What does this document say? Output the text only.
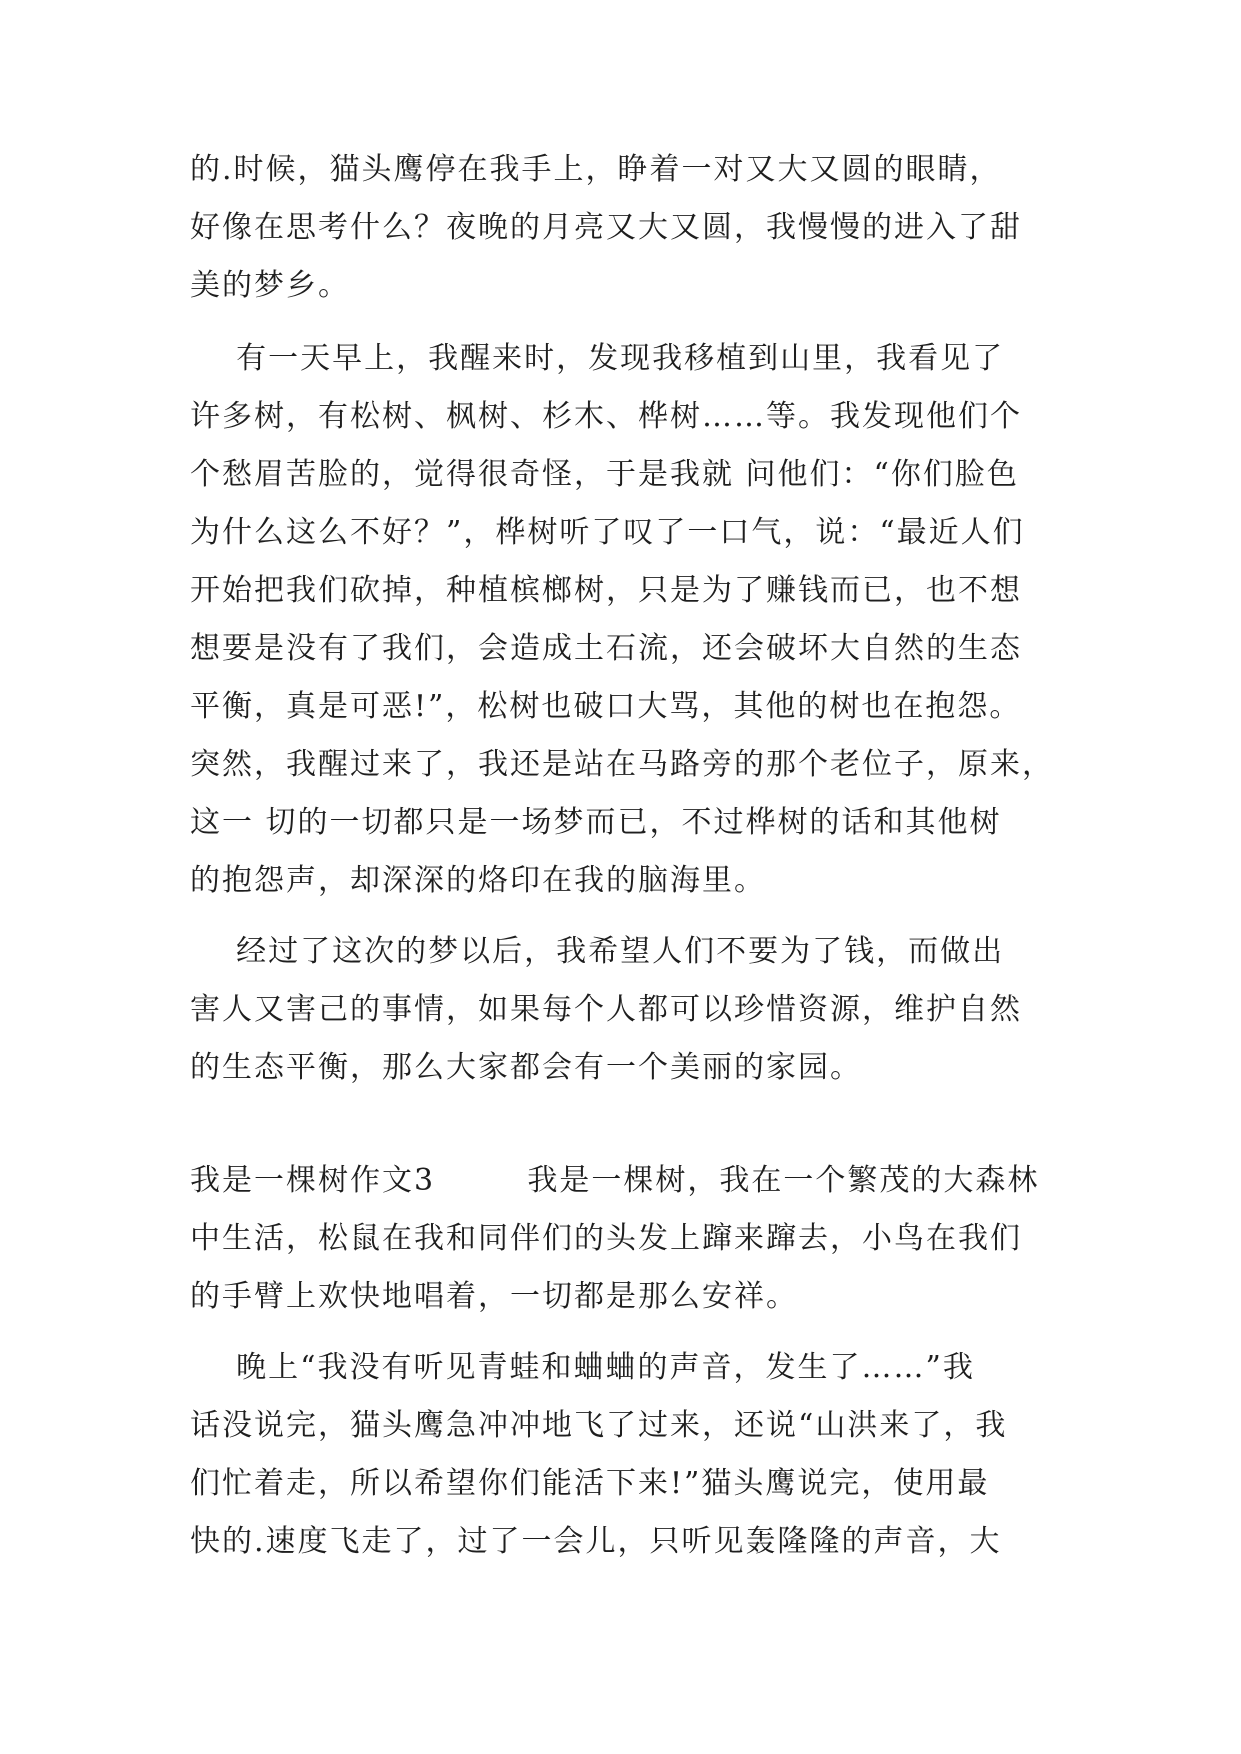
的.时候，猫头鹰停在我手上，睁着一对又大又圆的眼睛，
好像在思考什么？夜晚的月亮又大又圆，我慢慢的进入了甜
美的梦乡。
有一天早上，我醒来时，发现我移植到山里，我看见了
许多树，有松树、枫树、杉木、桦树……等。我发现他们个
个愁眉苦脸的，觉得很奇怪，于是我就 问他们：“你们脸色
为什么这么不好？”，桦树听了叹了一口气，说：“最近人们
开始把我们砍掉，种植槟榔树，只是为了赚钱而已，也不想
想要是没有了我们，会造成土石流，还会破坏大自然的生态
平衡，真是可恶!”，松树也破口大骂，其他的树也在抱怨。
突然，我醒过来了，我还是站在马路旁的那个老位子，原来，
这一 切的一切都只是一场梦而已，不过桦树的话和其他树
的抱怨声，却深深的烙印在我的脑海里。
经过了这次的梦以后，我希望人们不要为了钱，而做出
害人又害己的事情，如果每个人都可以珍惜资源，维护自然
的生态平衡，那么大家都会有一个美丽的家园。
我是一棵树作文3        我是一棵树，我在一个繁茂的大森林
中生活，松鼠在我和同伴们的头发上蹿来蹿去，小鸟在我们
的手臂上欢快地唱着，一切都是那么安祥。
晚上“我没有听见青蛙和蛐蛐的声音，发生了……”我
话没说完，猫头鹰急冲冲地飞了过来，还说“山洪来了，我
们忙着走，所以希望你们能活下来!”猫头鹰说完，使用最
快的.速度飞走了，过了一会儿，只听见轰隆隆的声音，大
